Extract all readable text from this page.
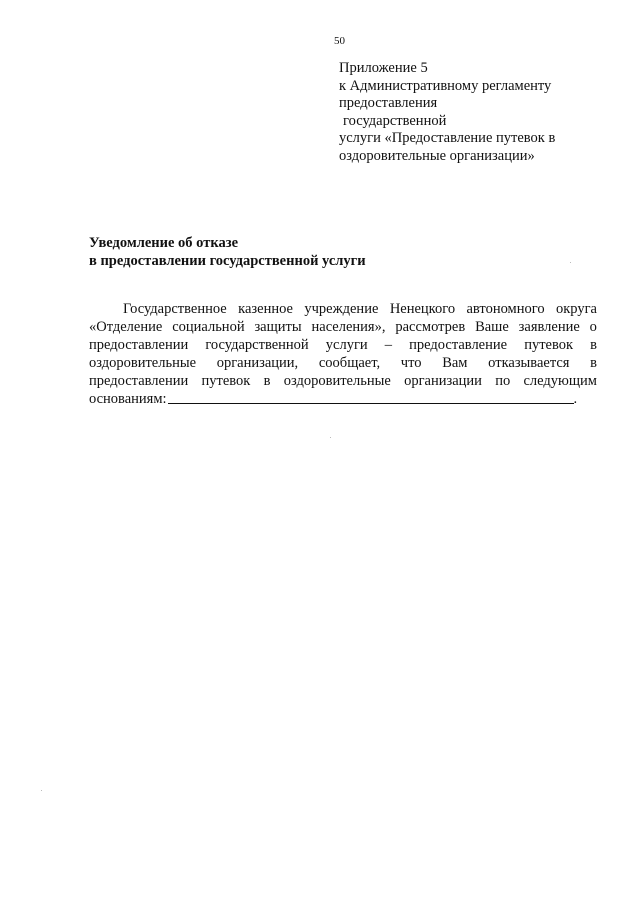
50
Приложение 5
к Административному регламенту
предоставления
государственной
услуги «Предоставление путевок в
оздоровительные организации»
Уведомление об отказе
в предоставлении государственной услуги
Государственное казенное учреждение Ненецкого автономного округа
«Отделение социальной защиты населения», рассмотрев Ваше заявление о
предоставлении государственной услуги – предоставление путевок в
оздоровительные организации, сообщает, что Вам отказывается в
предоставлении путевок в оздоровительные организации по следующим
основаниям:	.
